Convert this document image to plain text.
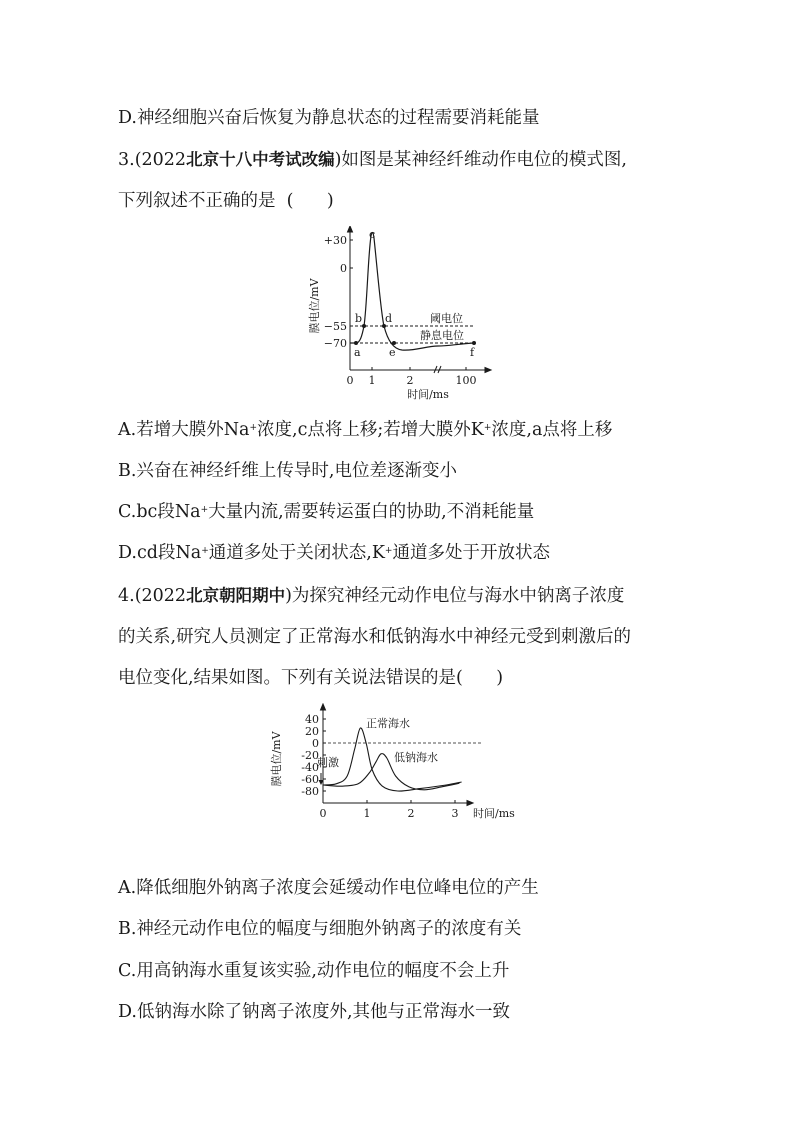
D.神经细胞兴奋后恢复为静息状态的过程需要消耗能量
3.(2022北京十八中考试改编)如图是某神经纤维动作电位的模式图,
下列叙述不正确的是  (      )
+30
0
−55
−70
0 1	2	100
a
b
c
d
e	f
阈电位
静息电位
时间/ms
膜电位/mV
A.若增大膜外Na+浓度,c点将上移;若增大膜外K+浓度,a点将上移
B.兴奋在神经纤维上传导时,电位差逐渐变小
C.bc段Na+大量内流,需要转运蛋白的协助,不消耗能量
D.cd段Na+通道多处于关闭状态,K+通道多处于开放状态
4.(2022北京朝阳期中)为探究神经元动作电位与海水中钠离子浓度
的关系,研究人员测定了正常海水和低钠海水中神经元受到刺激后的
电位变化,结果如图。下列有关说法错误的是(      )
膜电位/mV
时间/ms
刺激
正常海水
低钠海水
40
20
0
-20
-40
-60
-80
0	1	2	3
A.降低细胞外钠离子浓度会延缓动作电位峰电位的产生
B.神经元动作电位的幅度与细胞外钠离子的浓度有关
C.用高钠海水重复该实验,动作电位的幅度不会上升
D.低钠海水除了钠离子浓度外,其他与正常海水一致
